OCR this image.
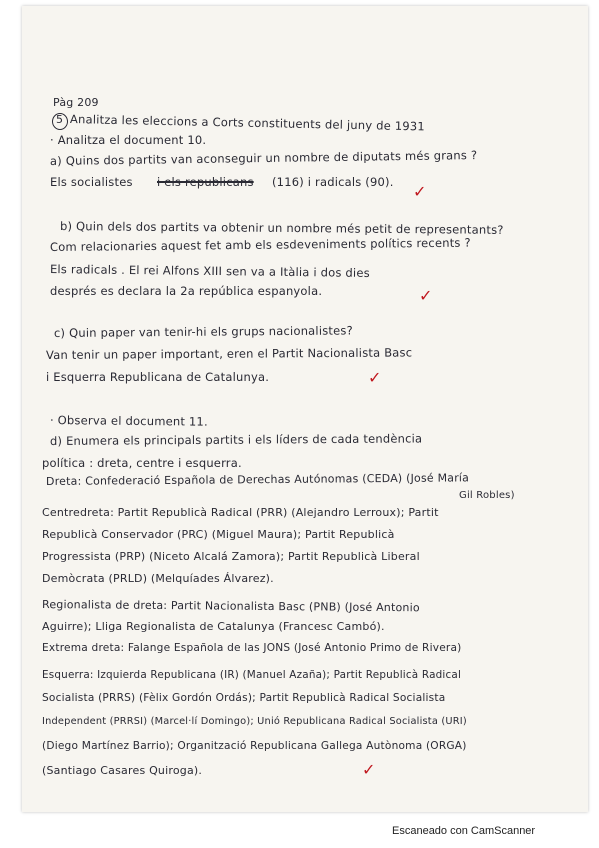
Pàg 209
5 Analitza les eleccions a Corts constituents del juny de 1931
· Analitza el document 10.
a) Quins dos partits van aconseguir un nombre de diputats més grans ?
Els socialistes i els republicans (116) i radicals (90). ✓
b) Quin dels dos partits va obtenir un nombre més petit de representants?
Com relacionaries aquest fet amb els esdeveniments polítics recents ?
Els radicals . El rei Alfons XIII sen va a Itàlia i dos dies
després es declara la 2a república espanyola.	✓
c) Quin paper van tenir-hi els grups nacionalistes?
Van tenir un paper important, eren el Partit Nacionalista Basc
i Esquerra Republicana de Catalunya.	✓
· Observa el document 11.
d) Enumera els principals partits i els líders de cada tendència
política : dreta, centre i esquerra.
Dreta: Confederació Española de Derechas Autónomas (CEDA) (José María
Gil Robles)
Centredreta: Partit Republicà Radical (PRR) (Alejandro Lerroux); Partit
Republicà Conservador (PRC) (Miguel Maura); Partit Republicà
Progressista (PRP) (Niceto Alcalá Zamora); Partit Republicà Liberal
Demòcrata (PRLD) (Melquíades Álvarez).
Regionalista de dreta: Partit Nacionalista Basc (PNB) (José Antonio
Aguirre); Lliga Regionalista de Catalunya (Francesc Cambó).
Extrema dreta: Falange Española de las JONS (José Antonio Primo de Rivera)
Esquerra: Izquierda Republicana (IR) (Manuel Azaña); Partit Republicà Radical
Socialista (PRRS) (Fèlix Gordón Ordás); Partit Republicà Radical Socialista
Independent (PRRSI) (Marcel·lí Domingo); Unió Republicana Radical Socialista (URI)
(Diego Martínez Barrio); Organització Republicana Gallega Autònoma (ORGA)
(Santiago Casares Quiroga).	✓
Escaneado con CamScanner
